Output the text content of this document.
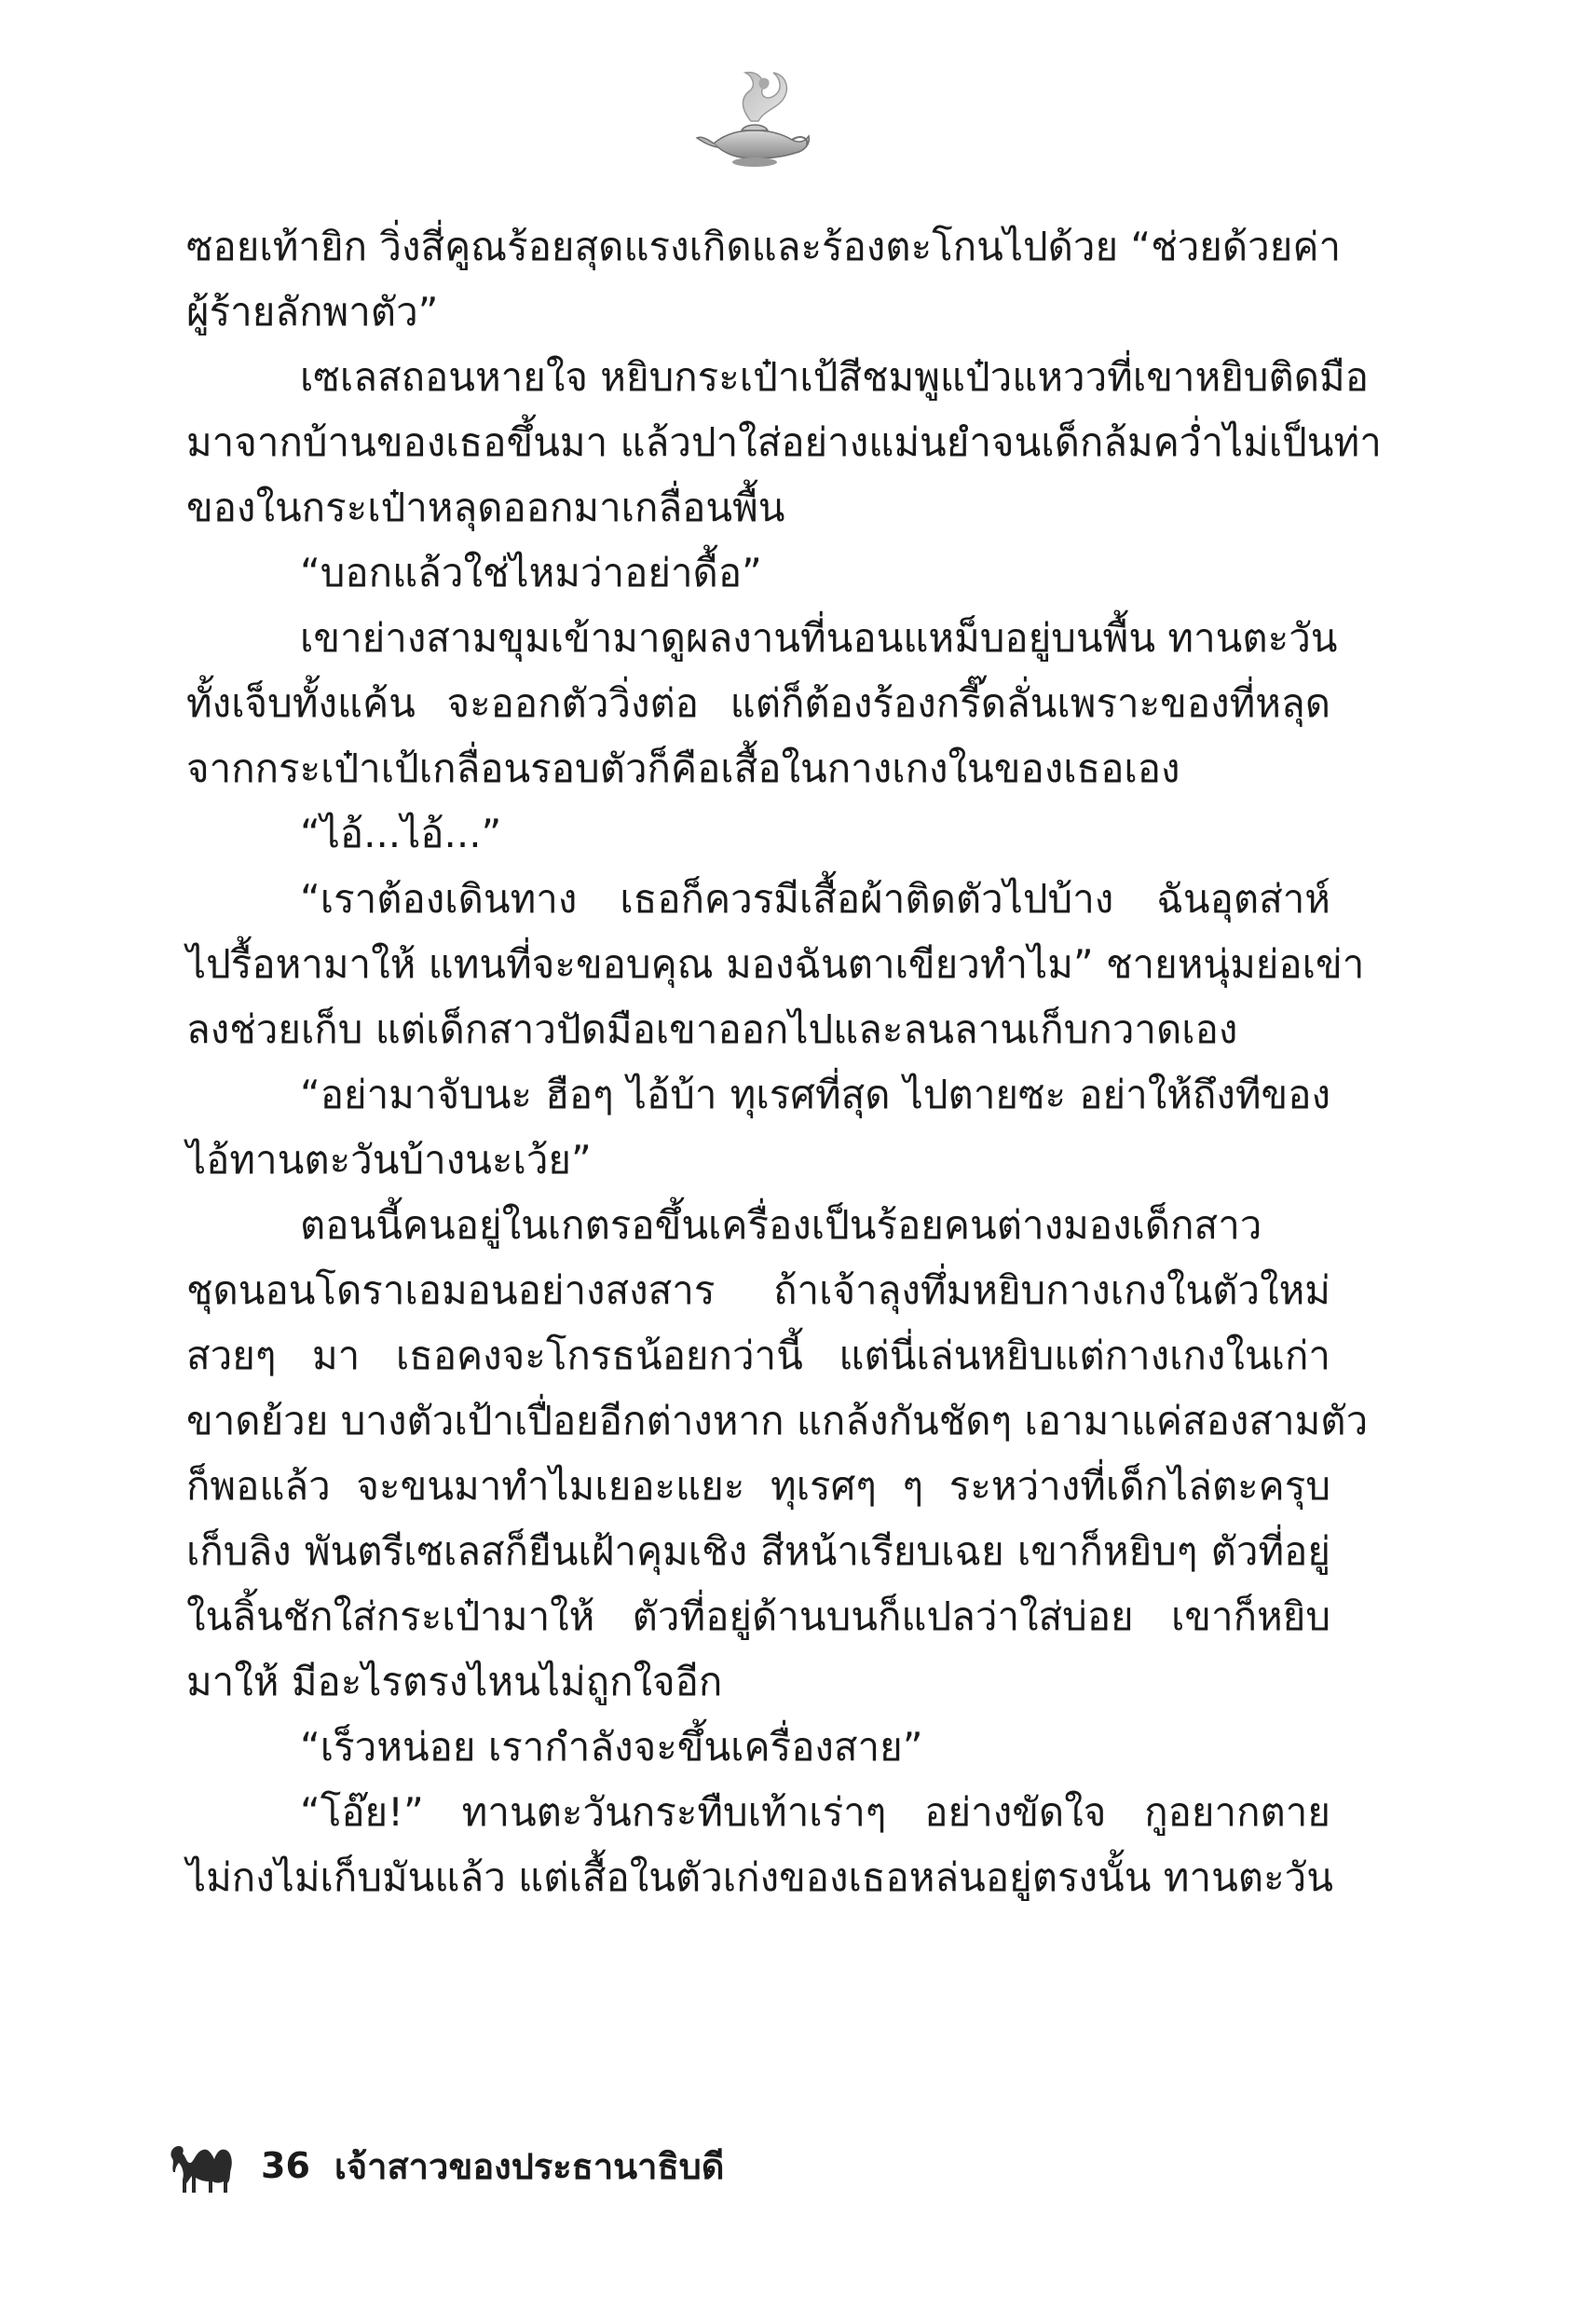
ซอยเท้ายิก วิ่งสี่คูณร้อยสุดแรงเกิดและร้องตะโกนไปด้วย “ช่วยด้วยค่า
ผู้ร้ายลักพาตัว”
เซเลสถอนหายใจ หยิบกระเป๋าเป้สีชมพูแป๋วแหววที่เขาหยิบติดมือ
มาจากบ้านของเธอขึ้นมา แล้วปาใส่อย่างแม่นยำจนเด็กล้มคว่ำไม่เป็นท่า
ของในกระเป๋าหลุดออกมาเกลื่อนพื้น
“บอกแล้วใช่ไหมว่าอย่าดื้อ”
เขาย่างสามขุมเข้ามาดูผลงานที่นอนแหม็บอยู่บนพื้น ทานตะวัน
ทั้งเจ็บทั้งแค้น จะออกตัววิ่งต่อ แต่ก็ต้องร้องกรี๊ดลั่นเพราะของที่หลุด
จากกระเป๋าเป้เกลื่อนรอบตัวก็คือเสื้อในกางเกงในของเธอเอง
“ไอ้...ไอ้...”
“เราต้องเดินทาง เธอก็ควรมีเสื้อผ้าติดตัวไปบ้าง ฉันอุตส่าห์
ไปรื้อหามาให้ แทนที่จะขอบคุณ มองฉันตาเขียวทำไม” ชายหนุ่มย่อเข่า
ลงช่วยเก็บ แต่เด็กสาวปัดมือเขาออกไปและลนลานเก็บกวาดเอง
“อย่ามาจับนะ ฮือๆ ไอ้บ้า ทุเรศที่สุด ไปตายซะ อย่าให้ถึงทีของ
ไอ้ทานตะวันบ้างนะเว้ย”
ตอนนี้คนอยู่ในเกตรอขึ้นเครื่องเป็นร้อยคนต่างมองเด็กสาว
ชุดนอนโดราเอมอนอย่างสงสาร ถ้าเจ้าลุงทึ่มหยิบกางเกงในตัวใหม่
สวยๆ มา เธอคงจะโกรธน้อยกว่านี้ แต่นี่เล่นหยิบแต่กางเกงในเก่า
ขาดย้วย บางตัวเป้าเปื่อยอีกต่างหาก แกล้งกันชัดๆ เอามาแค่สองสามตัว
ก็พอแล้ว จะขนมาทำไมเยอะแยะ ทุเรศๆ ๆ ระหว่างที่เด็กไล่ตะครุบ
เก็บลิง พันตรีเซเลสก็ยืนเฝ้าคุมเชิง สีหน้าเรียบเฉย เขาก็หยิบๆ ตัวที่อยู่
ในลิ้นชักใส่กระเป๋ามาให้ ตัวที่อยู่ด้านบนก็แปลว่าใส่บ่อย เขาก็หยิบ
มาให้ มีอะไรตรงไหนไม่ถูกใจอีก
“เร็วหน่อย เรากำลังจะขึ้นเครื่องสาย”
“โอ๊ย!” ทานตะวันกระทืบเท้าเร่าๆ อย่างขัดใจ กูอยากตาย
ไม่กงไม่เก็บมันแล้ว แต่เสื้อในตัวเก่งของเธอหล่นอยู่ตรงนั้น ทานตะวัน
36 เจ้าสาวของประธานาธิบดี
